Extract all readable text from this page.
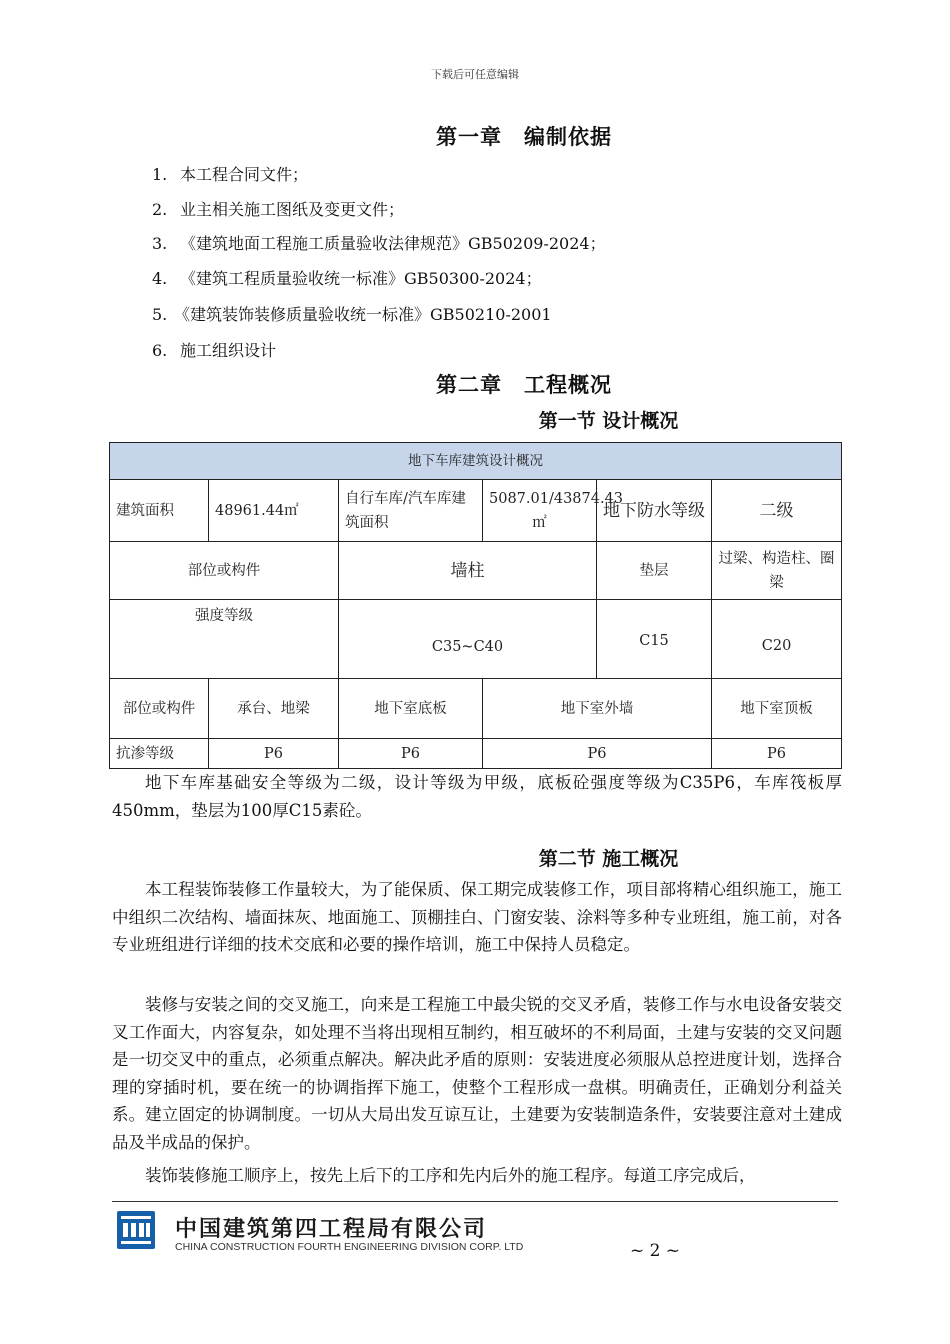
下载后可任意编辑
第一章　编制依据
1. 本工程合同文件；
2. 业主相关施工图纸及变更文件；
3. 《建筑地面工程施工质量验收法律规范》GB50209-2024；
4. 《建筑工程质量验收统一标准》GB50300-2024；
5. 《建筑装饰装修质量验收统一标准》GB50210-2001
6. 施工组织设计
第二章　工程概况
第一节 设计概况
地下车库建筑设计概况					
建筑面积	48961.44㎡	自行车库/汽车库建筑面积	5087.01/43874.43㎡	地下防水等级	二级
部位或构件		墙柱		垫层	过梁、构造柱、圈梁
强度等级		C35~C40		C15	C20
部位或构件	承台、地梁	地下室底板	地下室外墙		地下室顶板
抗渗等级	P6	P6	P6		P6
地下车库基础安全等级为二级，设计等级为甲级，底板砼强度等级为C35P6，车库筏板厚450mm，垫层为100厚C15素砼。
第二节 施工概况
本工程装饰装修工作量较大，为了能保质、保工期完成装修工作，项目部将精心组织施工，施工中组织二次结构、墙面抹灰、地面施工、顶棚挂白、门窗安装、涂料等多种专业班组，施工前，对各专业班组进行详细的技术交底和必要的操作培训，施工中保持人员稳定。
装修与安装之间的交叉施工，向来是工程施工中最尖锐的交叉矛盾，装修工作与水电设备安装交叉工作面大，内容复杂，如处理不当将出现相互制约，相互破坏的不利局面，土建与安装的交叉问题是一切交叉中的重点，必须重点解决。解决此矛盾的原则：安装进度必须服从总控进度计划，选择合理的穿插时机，要在统一的协调指挥下施工，使整个工程形成一盘棋。明确责任，正确划分利益关系。建立固定的协调制度。一切从大局出发互谅互让，土建要为安装制造条件，安装要注意对土建成品及半成品的保护。
装饰装修施工顺序上，按先上后下的工序和先内后外的施工程序。每道工序完成后，
中国建筑第四工程局有限公司
CHINA CONSTRUCTION FOURTH ENGINEERING DIVISION CORP. LTD	~ 2 ~
